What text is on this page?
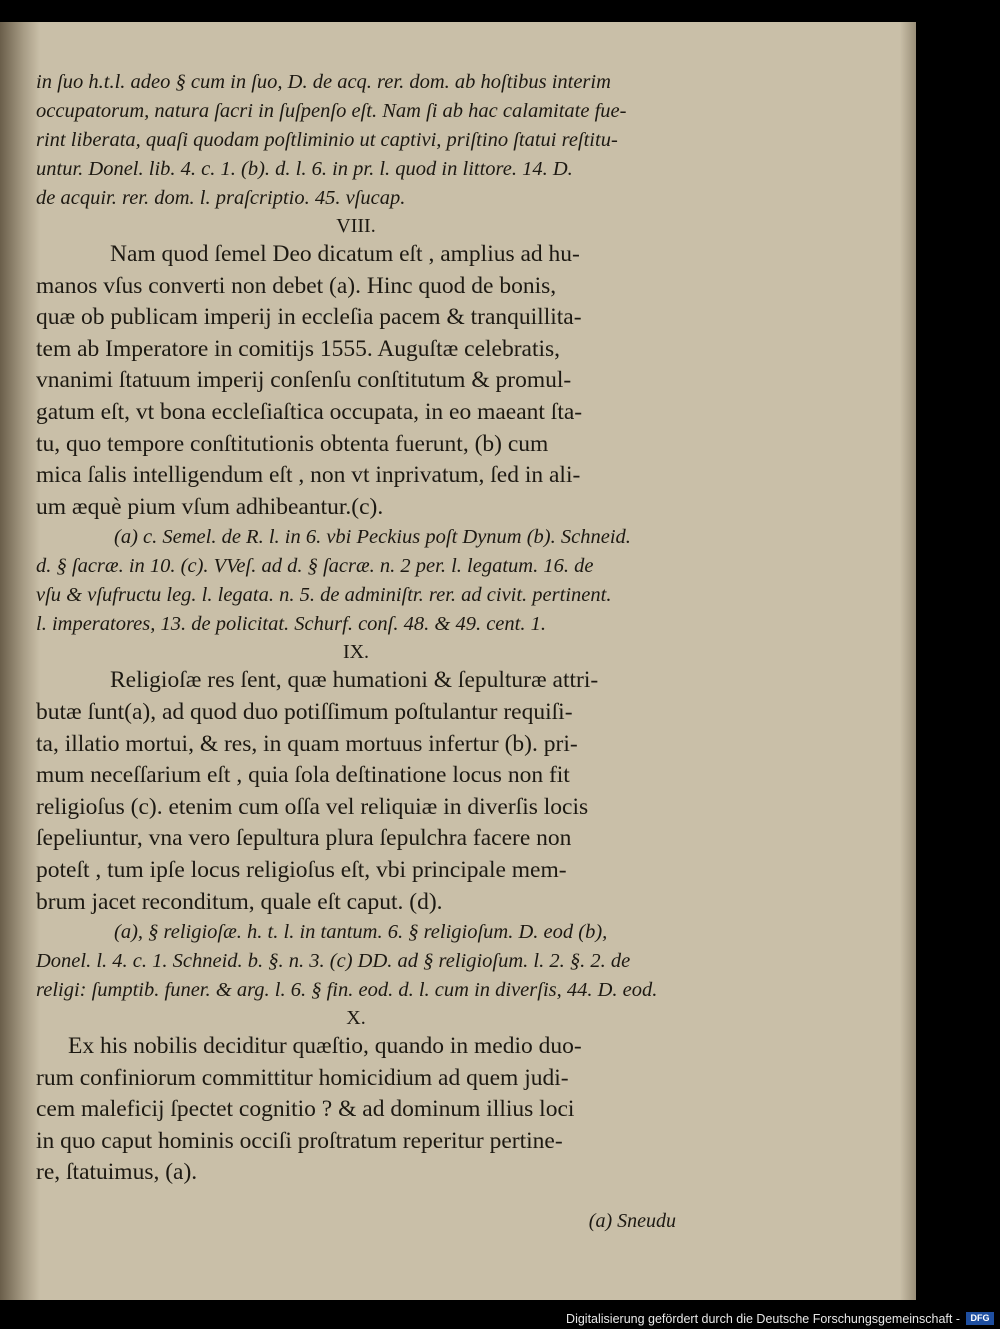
in ſuo h.t.l. adeo § cum in ſuo, D. de acq. rer. dom. ab hoſtibus interim
occupatorum, natura ſacri in ſuſpenſo eſt. Nam ſi ab hac calamitate fue-
rint liberata, quaſi quodam poſtliminio ut captivi, priſtino ſtatui reſtitu-
untur. Donel. lib. 4. c. 1. (b). d. l. 6. in pr. l. quod in littore. 14. D.
de acquir. rer. dom. l. praſcriptio. 45. vſucap.
VIII.
Nam quod ſemel Deo dicatum eſt , amplius ad hu-
manos vſus converti non debet (a). Hinc quod de bonis,
quæ ob publicam imperij in eccleſia pacem & tranquillita-
tem ab Imperatore in comitijs 1555. Auguſtæ celebratis,
vnanimi ſtatuum imperij conſenſu conſtitutum & promul-
gatum eſt, vt bona eccleſiaſtica occupata, in eo maeant ſta-
tu, quo tempore conſtitutionis obtenta fuerunt, (b) cum
mica ſalis intelligendum eſt , non vt inprivatum, ſed in ali-
um æquè pium vſum adhibeantur.(c).
(a) c. Semel. de R. l. in 6. vbi Peckius poſt Dynum (b). Schneid.
d. § ſacræ. in 10. (c). VVeſ. ad d. § ſacræ. n. 2 per. l. legatum. 16. de
vſu & vſufructu leg. l. legata. n. 5. de adminiſtr. rer. ad civit. pertinent.
l. imperatores, 13. de policitat. Schurf. conſ. 48. & 49. cent. 1.
IX.
Religioſæ res ſent, quæ humationi & ſepulturæ attri-
butæ ſunt(a), ad quod duo potiſſimum poſtulantur requiſi-
ta, illatio mortui, & res, in quam mortuus infertur (b). pri-
mum neceſſarium eſt , quia ſola deſtinatione locus non fit
religioſus (c). etenim cum oſſa vel reliquiæ in diverſis locis
ſepeliuntur, vna vero ſepultura plura ſepulchra facere non
poteſt , tum ipſe locus religioſus eſt, vbi principale mem-
brum jacet reconditum, quale eſt caput. (d).
(a), § religioſæ. h. t. l. in tantum. 6. § religioſum. D. eod (b),
Donel. l. 4. c. 1. Schneid. b. §. n. 3. (c) DD. ad § religioſum. l. 2. §. 2. de
religi: ſumptib. funer. & arg. l. 6. § fin. eod. d. l. cum in diverſis, 44. D. eod.
X.
Ex his nobilis deciditur quæſtio, quando in medio duo-
rum confiniorum committitur homicidium ad quem judi-
cem maleficij ſpectet cognitio ? & ad dominum illius loci
in quo caput hominis occiſi proſtratum reperitur pertine-
re, ſtatuimus, (a).
(a) Sneudu
Digitalisierung gefördert durch die Deutsche Forschungsgemeinschaft -	DFG
